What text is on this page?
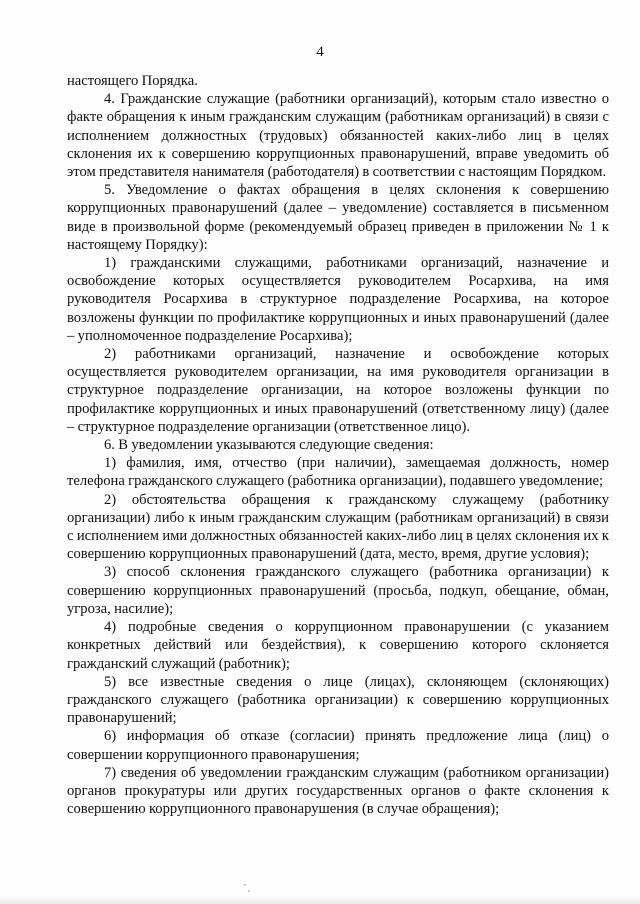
4

настоящего Порядка.

4. Гражданские служащие (работники организаций), которым стало известно о факте обращения к иным гражданским служащим (работникам организаций) в связи с исполнением должностных (трудовых) обязанностей каких-либо лиц в целях склонения их к совершению коррупционных правонарушений, вправе уведомить об этом представителя нанимателя (работодателя) в соответствии с настоящим Порядком.

5. Уведомление о фактах обращения в целях склонения к совершению коррупционных правонарушений (далее – уведомление) составляется в письменном виде в произвольной форме (рекомендуемый образец приведен в приложении № 1 к настоящему Порядку):

1) гражданскими служащими, работниками организаций, назначение и освобождение которых осуществляется руководителем Росархива, на имя руководителя Росархива в структурное подразделение Росархива, на которое возложены функции по профилактике коррупционных и иных правонарушений (далее – уполномоченное подразделение Росархива);

2) работниками организаций, назначение и освобождение которых осуществляется руководителем организации, на имя руководителя организации в структурное подразделение организации, на которое возложены функции по профилактике коррупционных и иных правонарушений (ответственному лицу) (далее – структурное подразделение организации (ответственное лицо).

6. В уведомлении указываются следующие сведения:

1) фамилия, имя, отчество (при наличии), замещаемая должность, номер телефона гражданского служащего (работника организации), подавшего уведомление;

2) обстоятельства обращения к гражданскому служащему (работнику организации) либо к иным гражданским служащим (работникам организаций) в связи с исполнением ими должностных обязанностей каких-либо лиц в целях склонения их к совершению коррупционных правонарушений (дата, место, время, другие условия);

3) способ склонения гражданского служащего (работника организации) к совершению коррупционных правонарушений (просьба, подкуп, обещание, обман, угроза, насилие);

4) подробные сведения о коррупционном правонарушении (с указанием конкретных действий или бездействия), к совершению которого склоняется гражданский служащий (работник);

5) все известные сведения о лице (лицах), склоняющем (склоняющих) гражданского служащего (работника организации) к совершению коррупционных правонарушений;

6) информация об отказе (согласии) принять предложение лица (лиц) о совершении коррупционного правонарушения;

7) сведения об уведомлении гражданским служащим (работником организации) органов прокуратуры или других государственных органов о факте склонения к совершению коррупционного правонарушения (в случае обращения);
